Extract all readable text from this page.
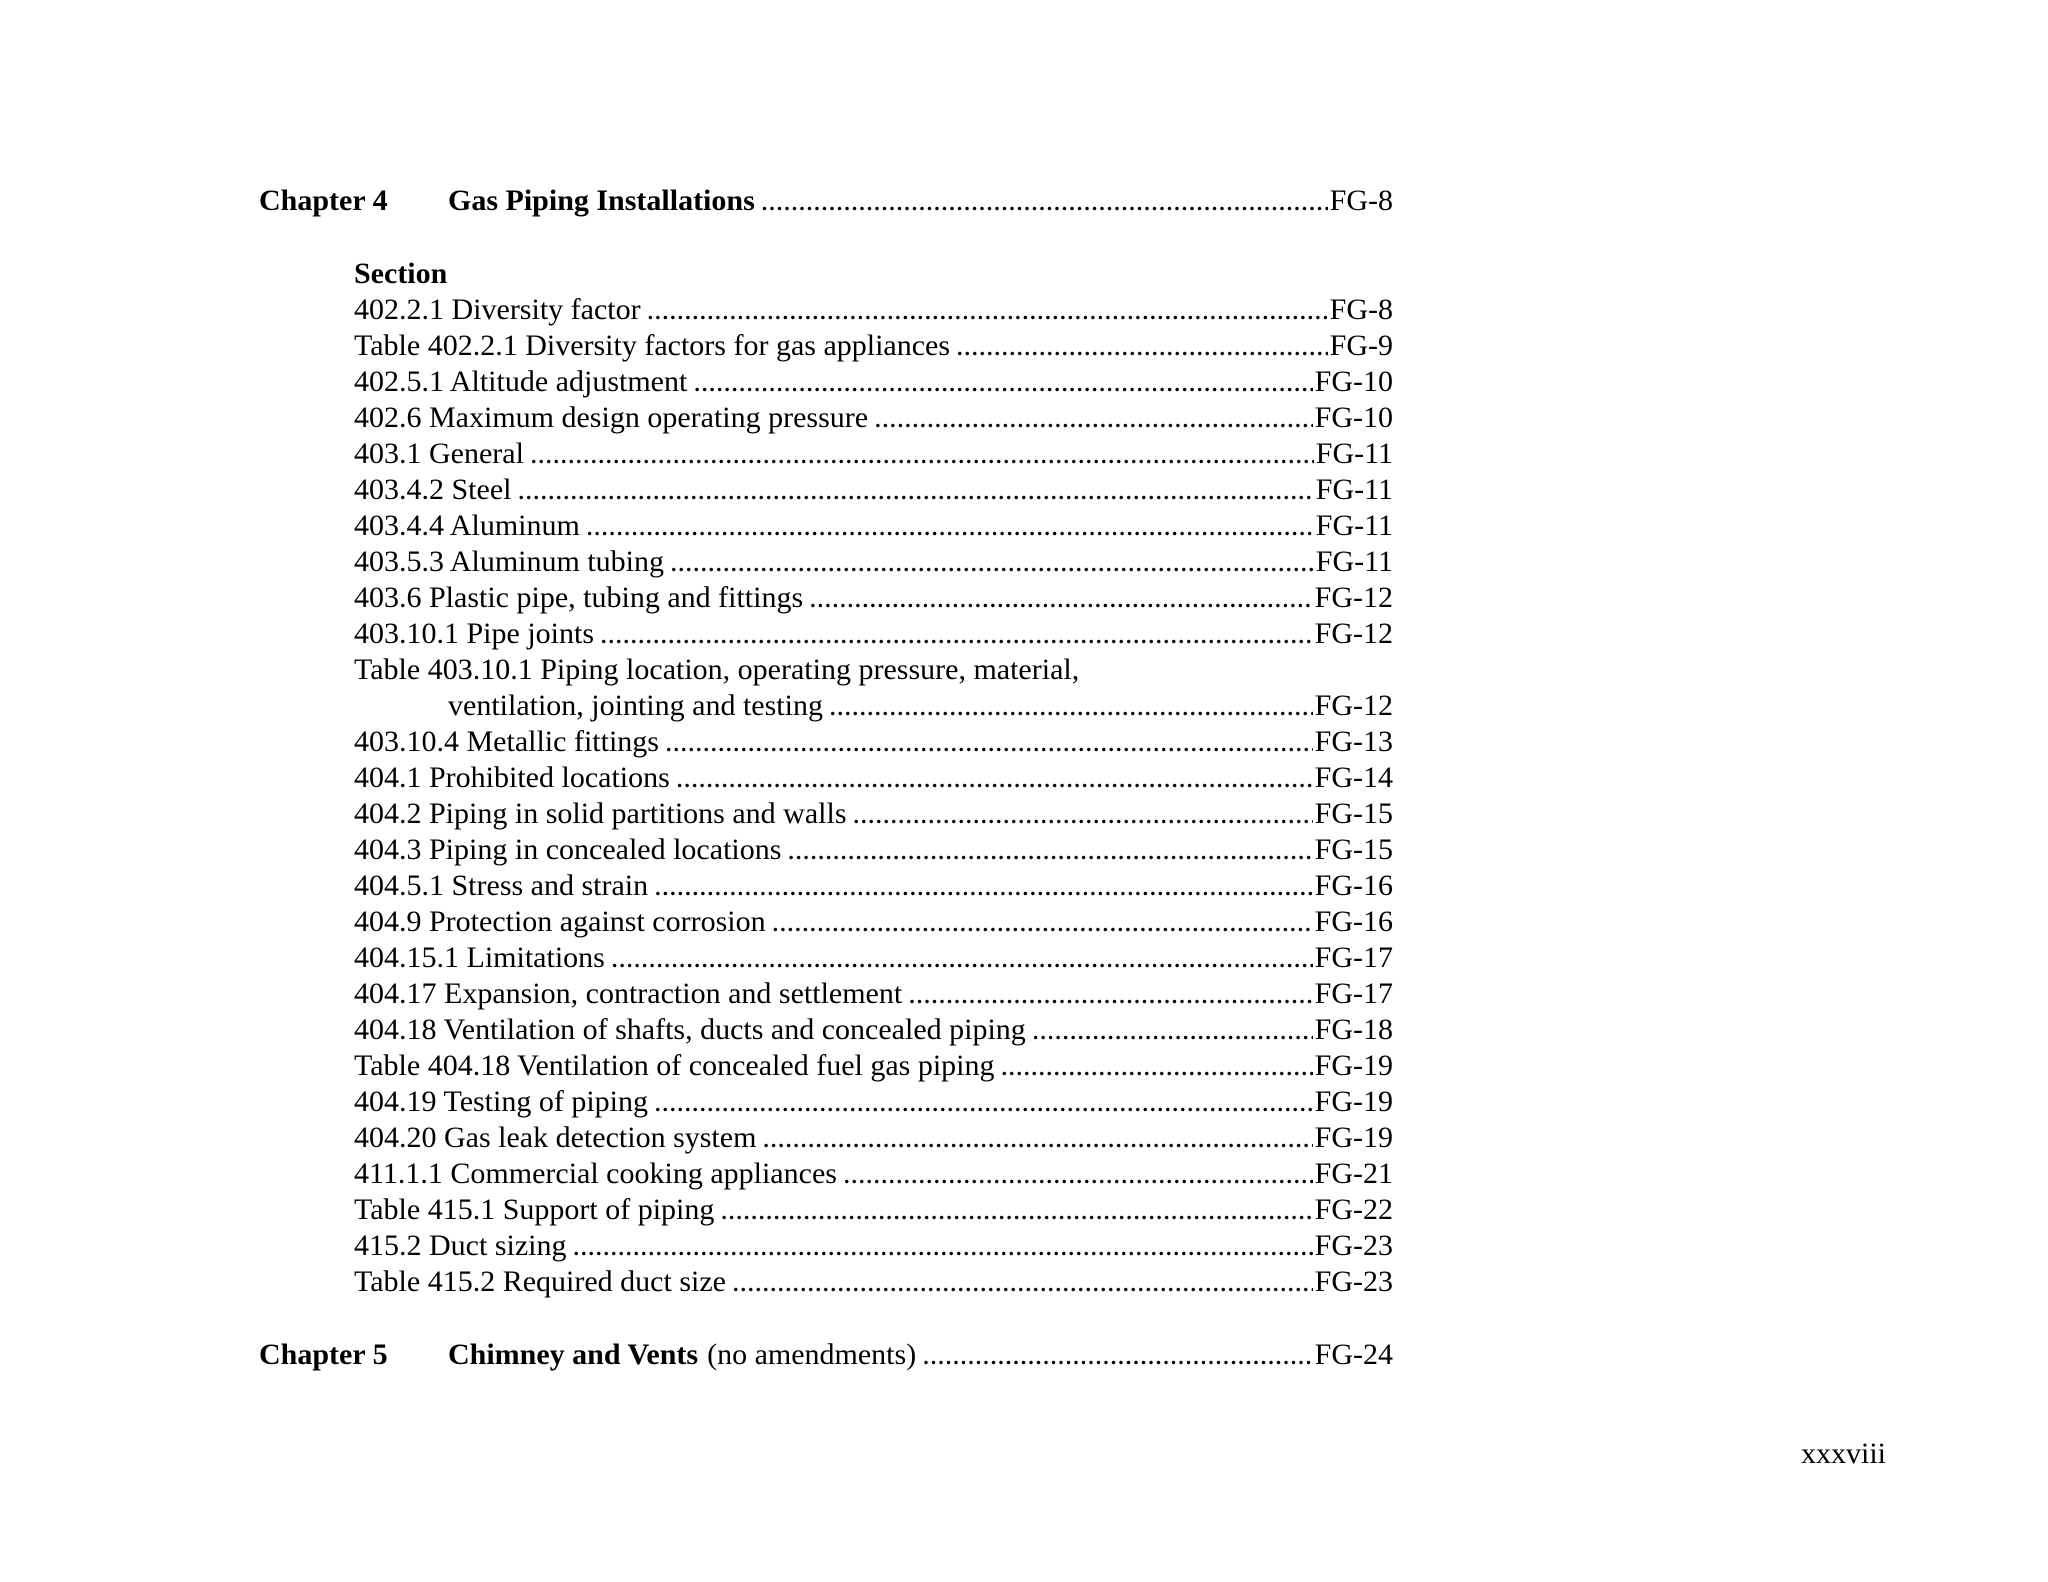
Chapter 4	Gas Piping Installations .....	FG-8
Section
402.2.1 Diversity factor .....	FG-8
Table 402.2.1 Diversity factors for gas appliances .....	FG-9
402.5.1 Altitude adjustment .....	FG-10
402.6 Maximum design operating pressure .....	FG-10
403.1 General .....	FG-11
403.4.2 Steel .....	FG-11
403.4.4 Aluminum .....	FG-11
403.5.3 Aluminum tubing .....	FG-11
403.6 Plastic pipe, tubing and fittings .....	FG-12
403.10.1 Pipe joints .....	FG-12
Table 403.10.1 Piping location, operating pressure, material,
ventilation, jointing and testing .....	FG-12
403.10.4 Metallic fittings .....	FG-13
404.1 Prohibited locations .....	FG-14
404.2 Piping in solid partitions and walls .....	FG-15
404.3 Piping in concealed locations .....	FG-15
404.5.1 Stress and strain .....	FG-16
404.9 Protection against corrosion .....	FG-16
404.15.1 Limitations .....	FG-17
404.17 Expansion, contraction and settlement .....	FG-17
404.18 Ventilation of shafts, ducts and concealed piping .....	FG-18
Table 404.18 Ventilation of concealed fuel gas piping .....	FG-19
404.19 Testing of piping .....	FG-19
404.20 Gas leak detection system .....	FG-19
411.1.1 Commercial cooking appliances .....	FG-21
Table 415.1 Support of piping .....	FG-22
415.2 Duct sizing .....	FG-23
Table 415.2 Required duct size .....	FG-23
Chapter 5	Chimney and Vents (no amendments) .....	FG-24
xxxviii
